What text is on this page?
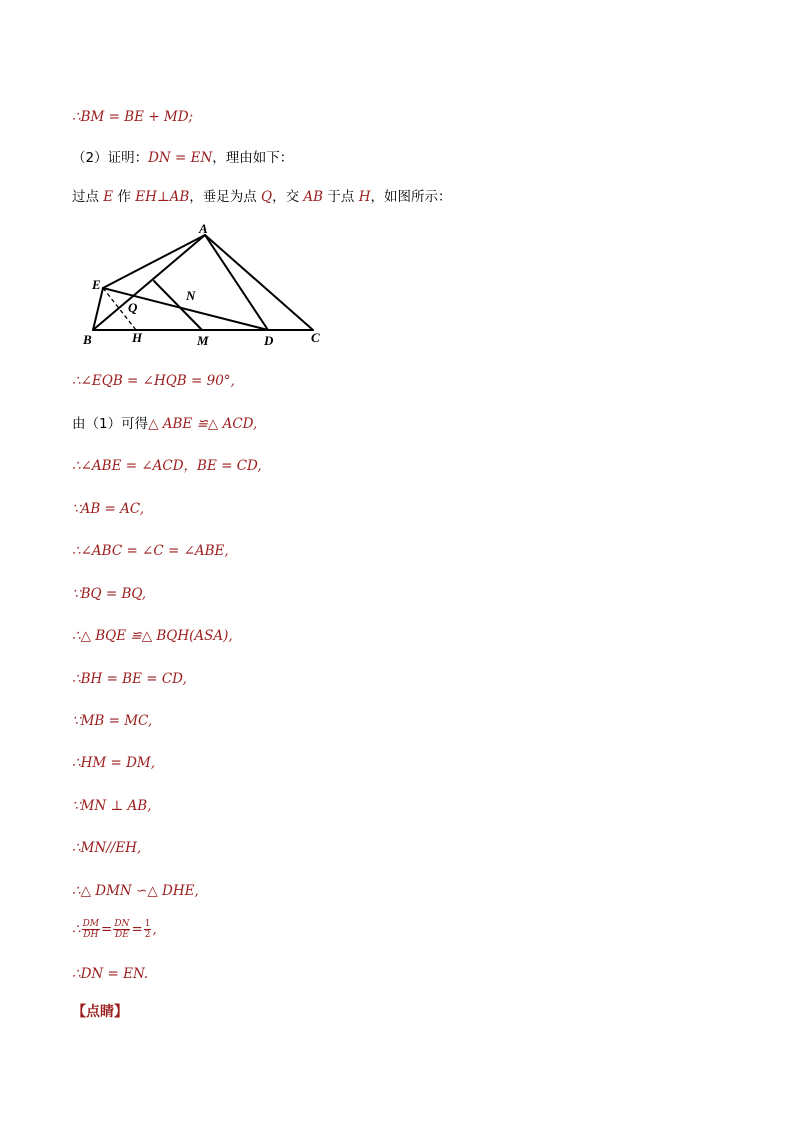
∴BM = BE + MD;
（2）证明：DN = EN，理由如下：
过点 E 作 EH⊥AB，垂足为点 Q，交 AB 于点 H，如图所示：
A
E
N
Q
B	H	M	D	C
∴∠EQB = ∠HQB = 90°,
由（1）可得△ ABE ≌△ ACD,
∴∠ABE = ∠ACD，BE = CD,
∵AB = AC,
∴∠ABC = ∠C = ∠ABE,
∵BQ = BQ,
∴△ BQE ≌△ BQH(ASA),
∴BH = BE = CD,
∵MB = MC,
∴HM = DM,
∵MN ⊥ AB,
∴MN//EH,
∴△ DMN ∽△ DHE,
∴ $\frac{DM}{DH} = \frac{DN}{DE} = \frac{1}{2}$ ,
∴DN = EN.
【点睛】
